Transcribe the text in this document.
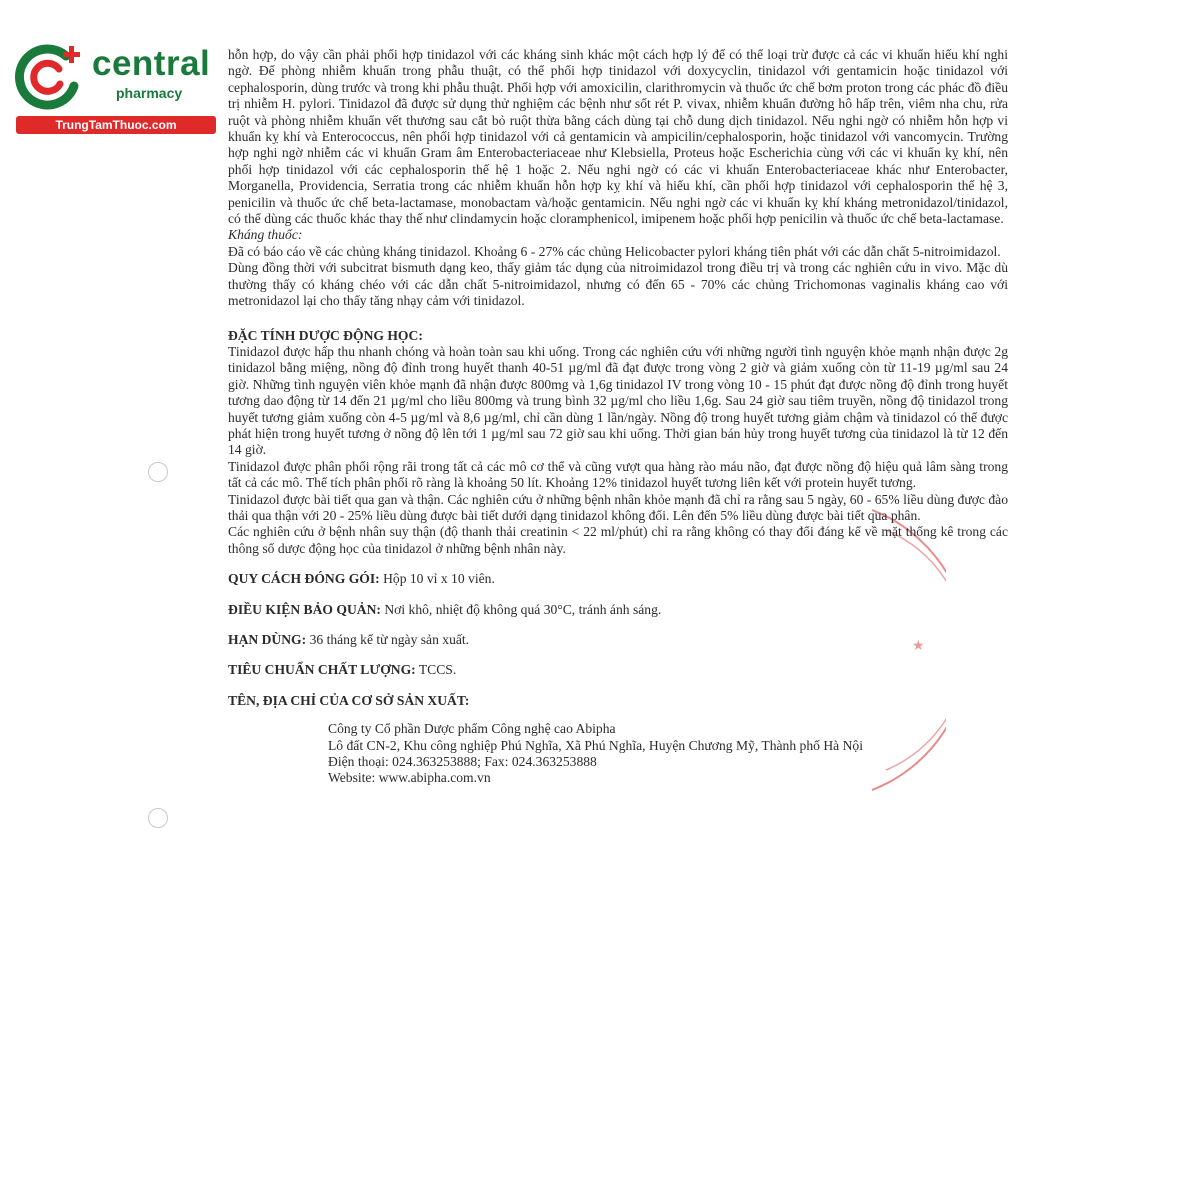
central
pharmacy
TrungTamThuoc.com
★

hỗn hợp, do vậy cần phải phối hợp tinidazol với các kháng sinh khác một cách hợp lý để có thể loại trừ được cả các vi khuẩn hiếu khí nghi ngờ. Để phòng nhiễm khuẩn trong phẫu thuật, có thể phối hợp tinidazol với doxycyclin, tinidazol với gentamicin hoặc tinidazol với cephalosporin, dùng trước và trong khi phẫu thuật. Phối hợp với amoxicilin, clarithromycin và thuốc ức chế bơm proton trong các phác đồ điều trị nhiễm H. pylori. Tinidazol đã được sử dụng thử nghiệm các bệnh như sốt rét P. vivax, nhiễm khuẩn đường hô hấp trên, viêm nha chu, rửa ruột và phòng nhiễm khuẩn vết thương sau cắt bỏ ruột thừa bằng cách dùng tại chỗ dung dịch tinidazol. Nếu nghi ngờ có nhiễm hỗn hợp vi khuẩn kỵ khí và Enterococcus, nên phối hợp tinidazol với cả gentamicin và ampicilin/cephalosporin, hoặc tinidazol với vancomycin. Trường hợp nghi ngờ nhiễm các vi khuẩn Gram âm Enterobacteriaceae như Klebsiella, Proteus hoặc Escherichia cùng với các vi khuẩn kỵ khí, nên phối hợp tinidazol với các cephalosporin thế hệ 1 hoặc 2. Nếu nghi ngờ có các vi khuẩn Enterobacteriaceae khác như Enterobacter, Morganella, Providencia, Serratia trong các nhiễm khuẩn hỗn hợp kỵ khí và hiếu khí, cần phối hợp tinidazol với cephalosporin thế hệ 3, penicilin và thuốc ức chế beta-lactamase, monobactam và/hoặc gentamicin. Nếu nghi ngờ các vi khuẩn kỵ khí kháng metronidazol/tinidazol, có thể dùng các thuốc khác thay thế như clindamycin hoặc cloramphenicol, imipenem hoặc phối hợp penicilin và thuốc ức chế beta-lactamase.

Kháng thuốc:

Đã có báo cáo về các chủng kháng tinidazol. Khoảng 6 - 27% các chủng Helicobacter pylori kháng tiên phát với các dẫn chất 5-nitroimidazol.

Dùng đồng thời với subcitrat bismuth dạng keo, thấy giảm tác dụng của nitroimidazol trong điều trị và trong các nghiên cứu in vivo. Mặc dù thường thấy có kháng chéo với các dẫn chất 5-nitroimidazol, nhưng có đến 65 - 70% các chủng Trichomonas vaginalis kháng cao với metronidazol lại cho thấy tăng nhạy cảm với tinidazol.

ĐẶC TÍNH DƯỢC ĐỘNG HỌC:

Tinidazol được hấp thu nhanh chóng và hoàn toàn sau khi uống. Trong các nghiên cứu với những người tình nguyện khỏe mạnh nhận được 2g tinidazol bằng miệng, nồng độ đỉnh trong huyết thanh 40-51 µg/ml đã đạt được trong vòng 2 giờ và giảm xuống còn từ 11-19 µg/ml sau 24 giờ. Những tình nguyện viên khỏe mạnh đã nhận được 800mg và 1,6g tinidazol IV trong vòng 10 - 15 phút đạt được nồng độ đỉnh trong huyết tương dao động từ 14 đến 21 µg/ml cho liều 800mg và trung bình 32 µg/ml cho liều 1,6g. Sau 24 giờ sau tiêm truyền, nồng độ tinidazol trong huyết tương giảm xuống còn 4-5 µg/ml và 8,6 µg/ml, chỉ cần dùng 1 lần/ngày. Nồng độ trong huyết tương giảm chậm và tinidazol có thể được phát hiện trong huyết tương ở nồng độ lên tới 1 µg/ml sau 72 giờ sau khi uống. Thời gian bán hủy trong huyết tương của tinidazol là từ 12 đến 14 giờ.

Tinidazol được phân phối rộng rãi trong tất cả các mô cơ thể và cũng vượt qua hàng rào máu não, đạt được nồng độ hiệu quả lâm sàng trong tất cả các mô. Thể tích phân phối rõ ràng là khoảng 50 lít. Khoảng 12% tinidazol huyết tương liên kết với protein huyết tương.

Tinidazol được bài tiết qua gan và thận. Các nghiên cứu ở những bệnh nhân khỏe mạnh đã chỉ ra rằng sau 5 ngày, 60 - 65% liều dùng được đào thải qua thận với 20 - 25% liều dùng được bài tiết dưới dạng tinidazol không đổi. Lên đến 5% liều dùng được bài tiết qua phân.

Các nghiên cứu ở bệnh nhân suy thận (độ thanh thải creatinin < 22 ml/phút) chỉ ra rằng không có thay đổi đáng kể về mặt thống kê trong các thông số dược động học của tinidazol ở những bệnh nhân này.

QUY CÁCH ĐÓNG GÓI: Hộp 10 vỉ x 10 viên.

ĐIỀU KIỆN BẢO QUẢN: Nơi khô, nhiệt độ không quá 30°C, tránh ánh sáng.

HẠN DÙNG: 36 tháng kể từ ngày sản xuất.

TIÊU CHUẨN CHẤT LƯỢNG: TCCS.

TÊN, ĐỊA CHỈ CỦA CƠ SỞ SẢN XUẤT:

Công ty Cổ phần Dược phẩm Công nghệ cao Abipha

Lô đất CN-2, Khu công nghiệp Phú Nghĩa, Xã Phú Nghĩa, Huyện Chương Mỹ, Thành phố Hà Nội

Điện thoại: 024.363253888; Fax: 024.363253888

Website: www.abipha.com.vn
